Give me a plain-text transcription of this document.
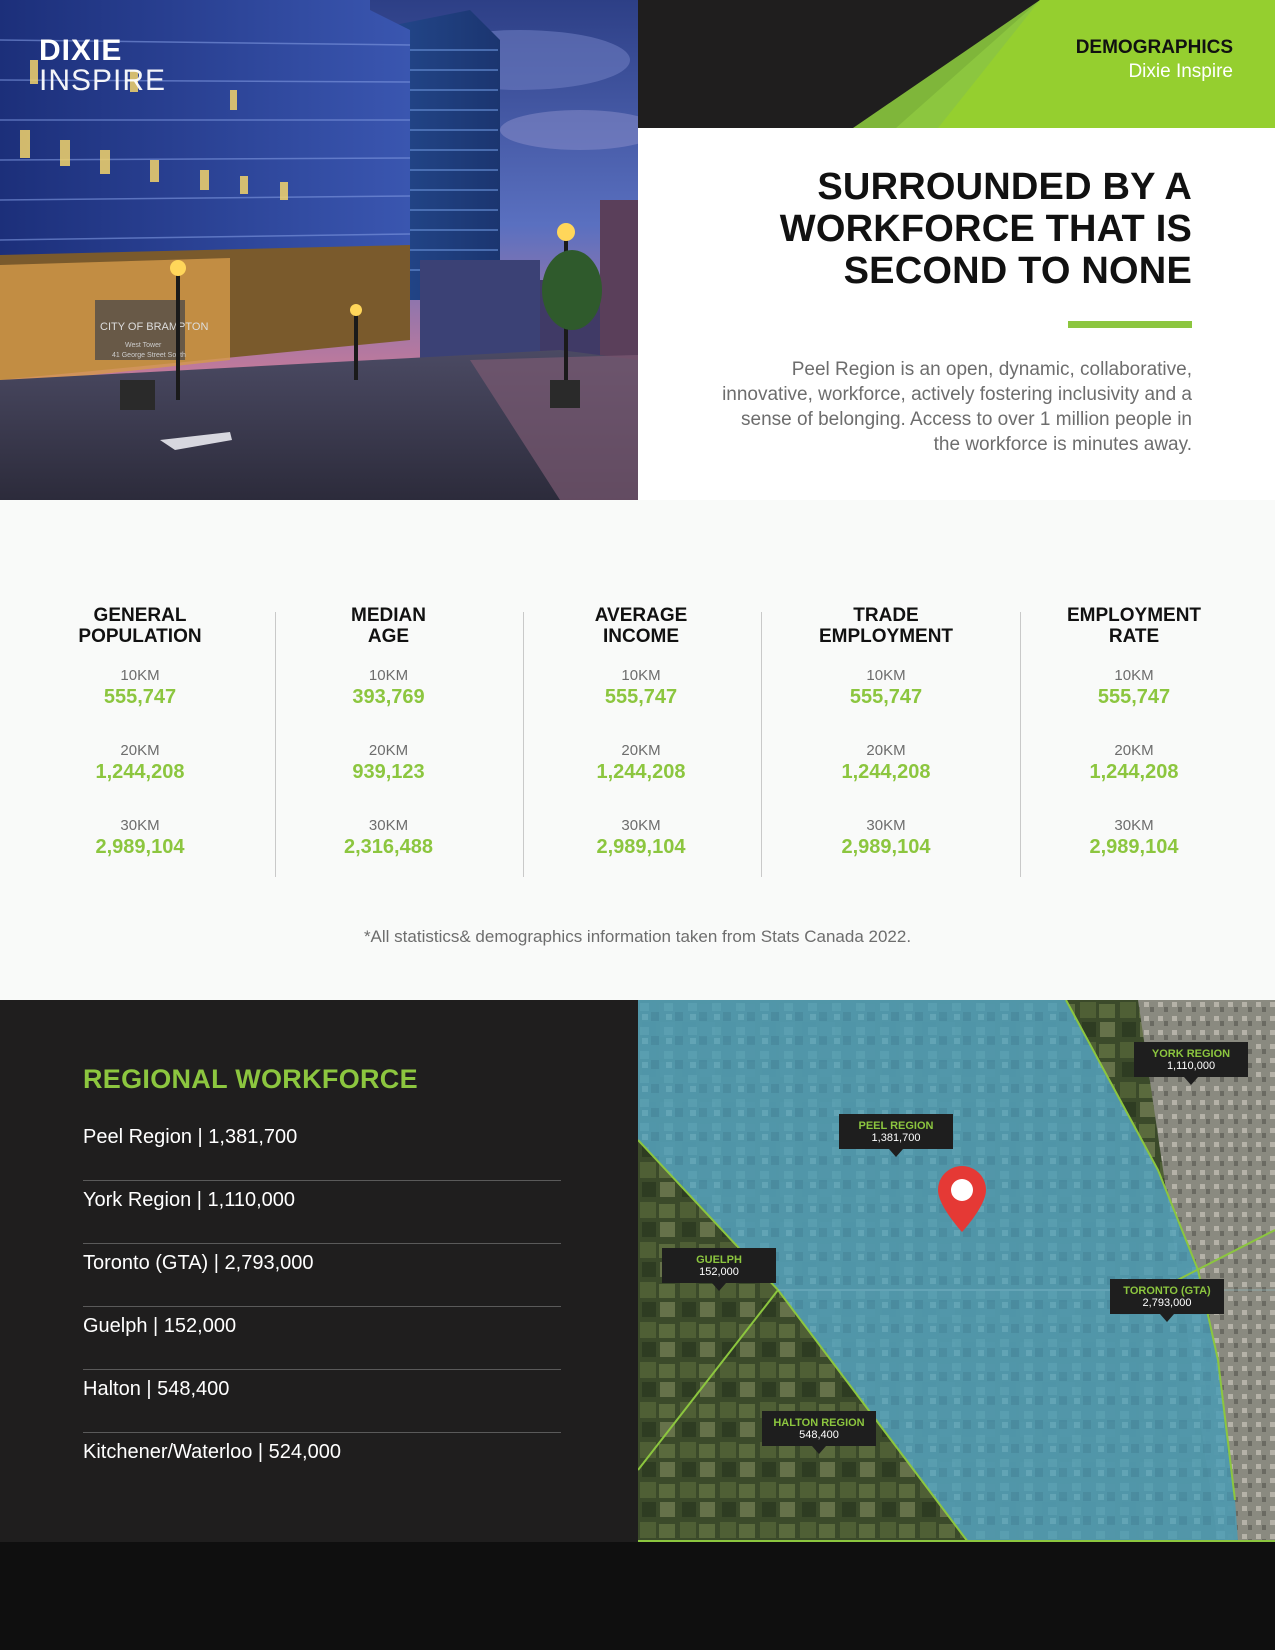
CITY OF BRAMPTON
West Tower
41 George Street South
DIXIE
INSPIRE
DEMOGRAPHICS
Dixie Inspire
SURROUNDED BY A
WORKFORCE THAT IS
SECOND TO NONE

Peel Region is an open, dynamic, collaborative, innovative, workforce, actively fostering inclusivity and a sense of belonging. Access to over 1 million people in the workforce is minutes away.

GENERAL
POPULATION
10KM
555,747
20KM
1,244,208
30KM
2,989,104
MEDIAN
AGE
10KM
393,769
20KM
939,123
30KM
2,316,488
AVERAGE
INCOME
10KM
555,747
20KM
1,244,208
30KM
2,989,104
TRADE
EMPLOYMENT
10KM
555,747
20KM
1,244,208
30KM
2,989,104
EMPLOYMENT
RATE
10KM
555,747
20KM
1,244,208
30KM
2,989,104

*All statistics& demographics information taken from Stats Canada 2022.

REGIONAL WORKFORCE
Peel Region | 1,381,700
York Region | 1,110,000
Toronto (GTA) | 2,793,000
Guelph | 152,000
Halton | 548,400
Kitchener/Waterloo | 524,000
YORK REGION
1,110,000
PEEL REGION
1,381,700
GUELPH
152,000
TORONTO (GTA)
2,793,000
HALTON REGION
548,400
